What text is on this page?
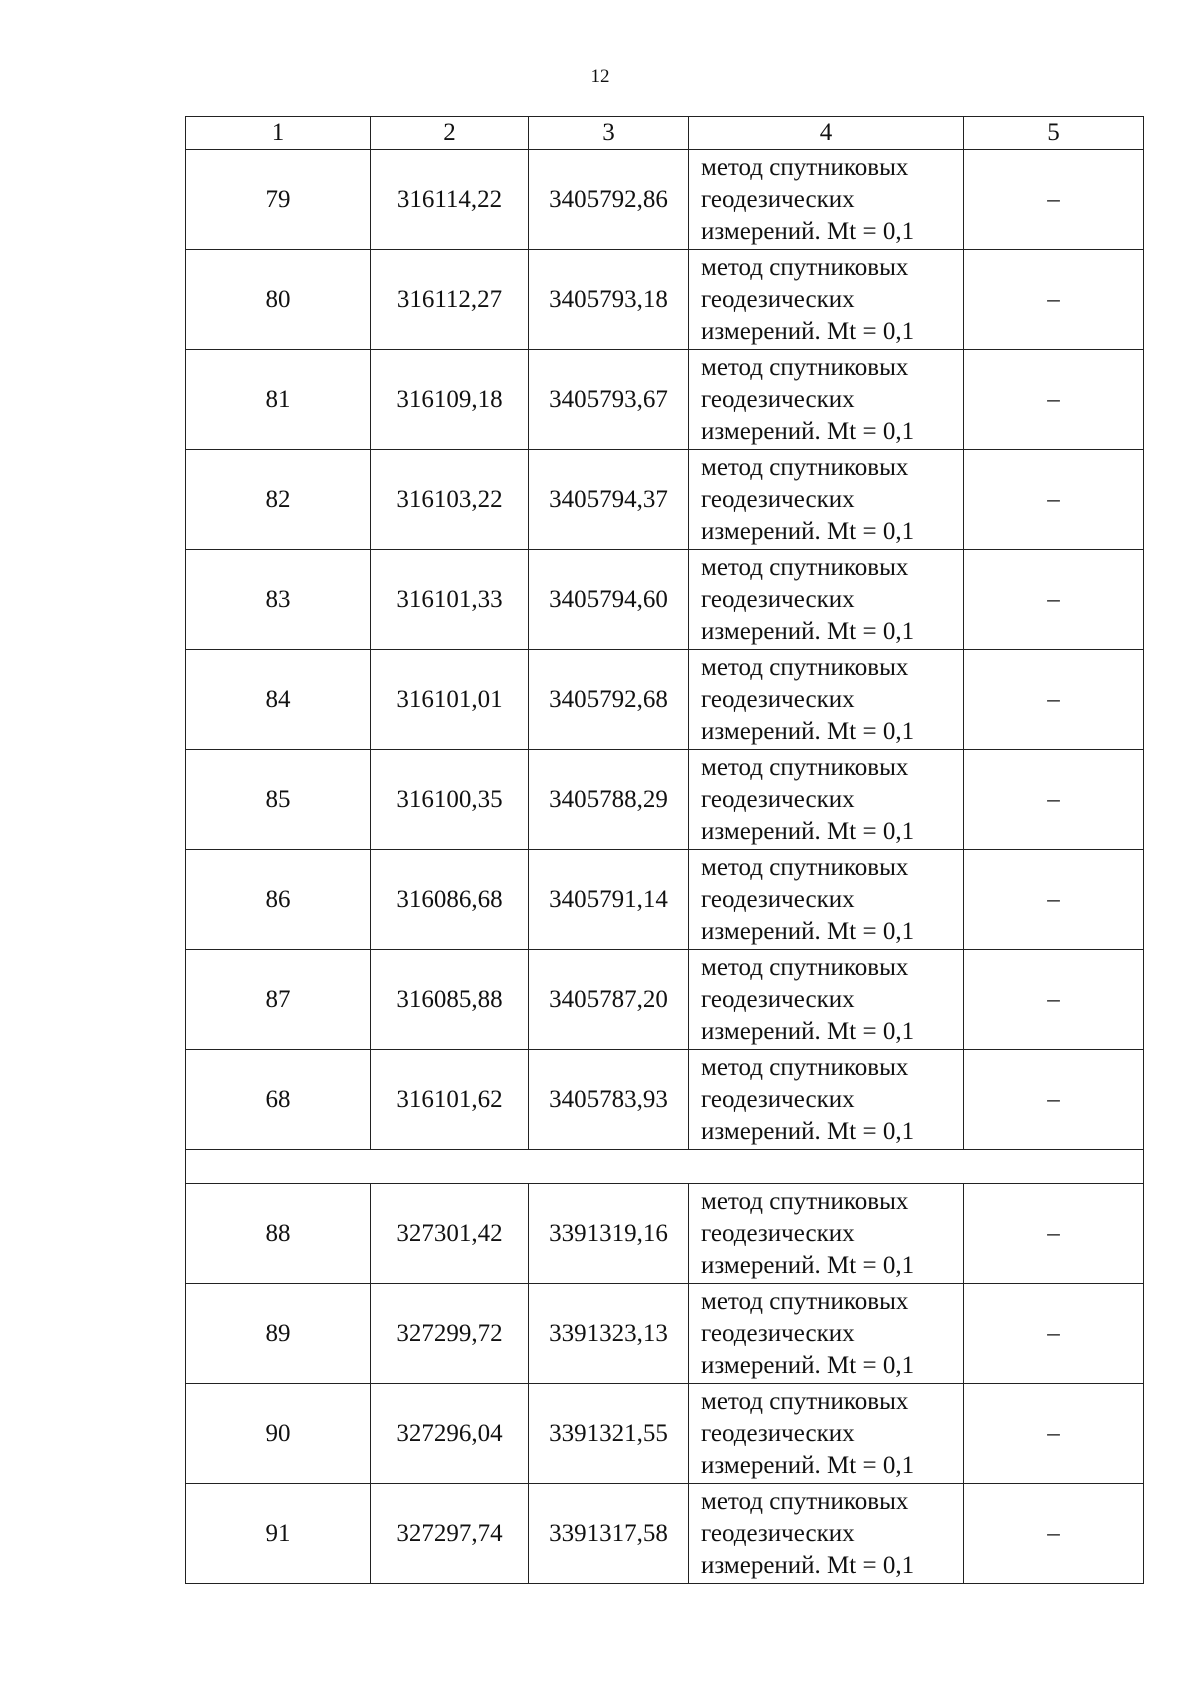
12
1	2	3	4	5
79	316114,22	3405792,86	метод спутниковых
геодезических
измерений. Mt = 0,1	–
80	316112,27	3405793,18	метод спутниковых
геодезических
измерений. Mt = 0,1	–
81	316109,18	3405793,67	метод спутниковых
геодезических
измерений. Mt = 0,1	–
82	316103,22	3405794,37	метод спутниковых
геодезических
измерений. Mt = 0,1	–
83	316101,33	3405794,60	метод спутниковых
геодезических
измерений. Mt = 0,1	–
84	316101,01	3405792,68	метод спутниковых
геодезических
измерений. Mt = 0,1	–
85	316100,35	3405788,29	метод спутниковых
геодезических
измерений. Mt = 0,1	–
86	316086,68	3405791,14	метод спутниковых
геодезических
измерений. Mt = 0,1	–
87	316085,88	3405787,20	метод спутниковых
геодезических
измерений. Mt = 0,1	–
68	316101,62	3405783,93	метод спутниковых
геодезических
измерений. Mt = 0,1	–

88	327301,42	3391319,16	метод спутниковых
геодезических
измерений. Mt = 0,1	–
89	327299,72	3391323,13	метод спутниковых
геодезических
измерений. Mt = 0,1	–
90	327296,04	3391321,55	метод спутниковых
геодезических
измерений. Mt = 0,1	–
91	327297,74	3391317,58	метод спутниковых
геодезических
измерений. Mt = 0,1	–
